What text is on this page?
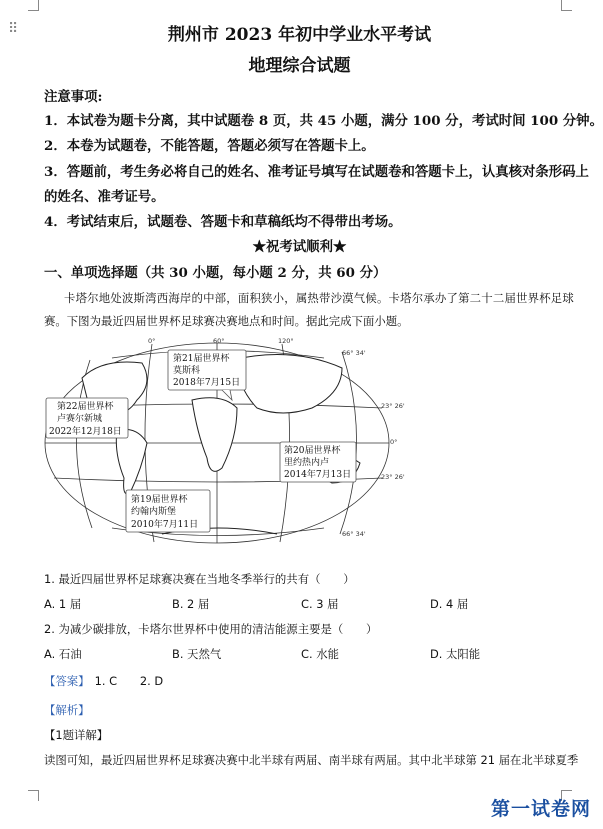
⠿	荆州市 2023 年初中学业水平考试
地理综合试题
注意事项:
1．本试卷为题卡分离，其中试题卷 8 页，共 45 小题，满分 100 分，考试时间 100 分钟。
2．本卷为试题卷，不能答题，答题必须写在答题卡上。
3．答题前，考生务必将自己的姓名、准考证号填写在试题卷和答题卡上，认真核对条形码上
的姓名、准考证号。
4．考试结束后，试题卷、答题卡和草稿纸均不得带出考场。
★祝考试顺利★
一、单项选择题（共 30 小题，每小题 2 分，共 60 分）
卡塔尔地处波斯湾西海岸的中部，面积狭小，属热带沙漠气候。卡塔尔承办了第二十二届世界杯足球
赛。下图为最近四届世界杯足球赛决赛地点和时间。据此完成下面小题。
66° 34'
23° 26'
0°
23° 26'
66° 34'
0°	60°	120°
第21届世界杯
莫斯科
2018年7月15日
第22届世界杯
卢赛尔新城
2022年12月18日
第20届世界杯
里约热内卢
2014年7月13日
第19届世界杯
约翰内斯堡
2010年7月11日
1. 最近四届世界杯足球赛决赛在当地冬季举行的共有（　　）
A. 1 届	B. 2 届	C. 3 届	D. 4 届
2. 为减少碳排放，卡塔尔世界杯中使用的清洁能源主要是（　　）
A. 石油	B. 天然气	C. 水能	D. 太阳能
【答案】 1. C　　2. D
【解析】
【1题详解】
读图可知，最近四届世界杯足球赛决赛中北半球有两届、南半球有两届。其中北半球第 21 届在北半球夏季
第一试卷网
